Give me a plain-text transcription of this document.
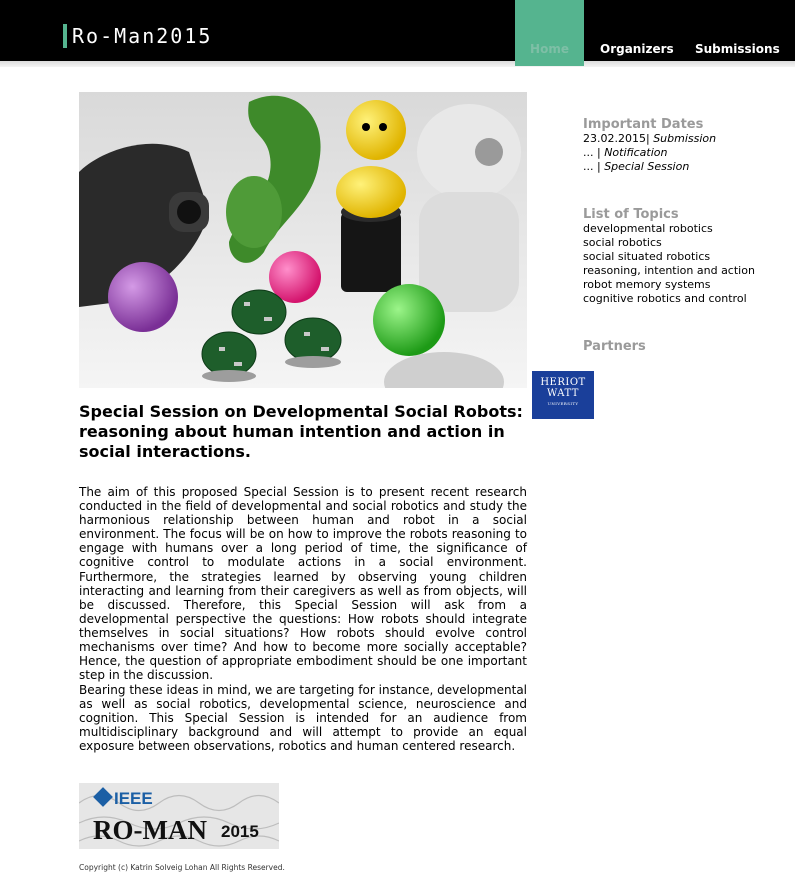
Ro-Man2015
Home	Organizers Submissions
Special Session on Developmental Social Robots: reasoning about human intention and action in social interactions.
The aim of this proposed Special Session is to present recent research conducted in the field of developmental and social robotics and study the harmonious relationship between human and robot in a social environment. The focus will be on how to improve the robots reasoning to engage with humans over a long period of time, the significance of cognitive control to modulate actions in a social environment. Furthermore, the strategies learned by observing young children interacting and learning from their caregivers as well as from objects, will be discussed. Therefore, this Special Session will ask from a developmental perspective the questions: How robots should integrate themselves in social situations? How robots should evolve control mechanisms over time? And how to become more socially acceptable? Hence, the question of appropriate embodiment should be one important step in the discussion.
Bearing these ideas in mind, we are targeting for instance, developmental as well as social robotics, developmental science, neuroscience and cognition. This Special Session is intended for an audience from multidisciplinary background and will attempt to provide an equal exposure between observations, robotics and human centered research.
IEEE
RO-MAN 2015
Copyright (c) Katrin Solveig Lohan All Rights Reserved.
Important Dates
23.02.2015| Submission
... | Notification
... | Special Session
List of Topics
developmental robotics
social robotics
social situated robotics
reasoning, intention and action
robot memory systems
cognitive robotics and control
Partners
HERIOT
WATT
UNIVERSITY
